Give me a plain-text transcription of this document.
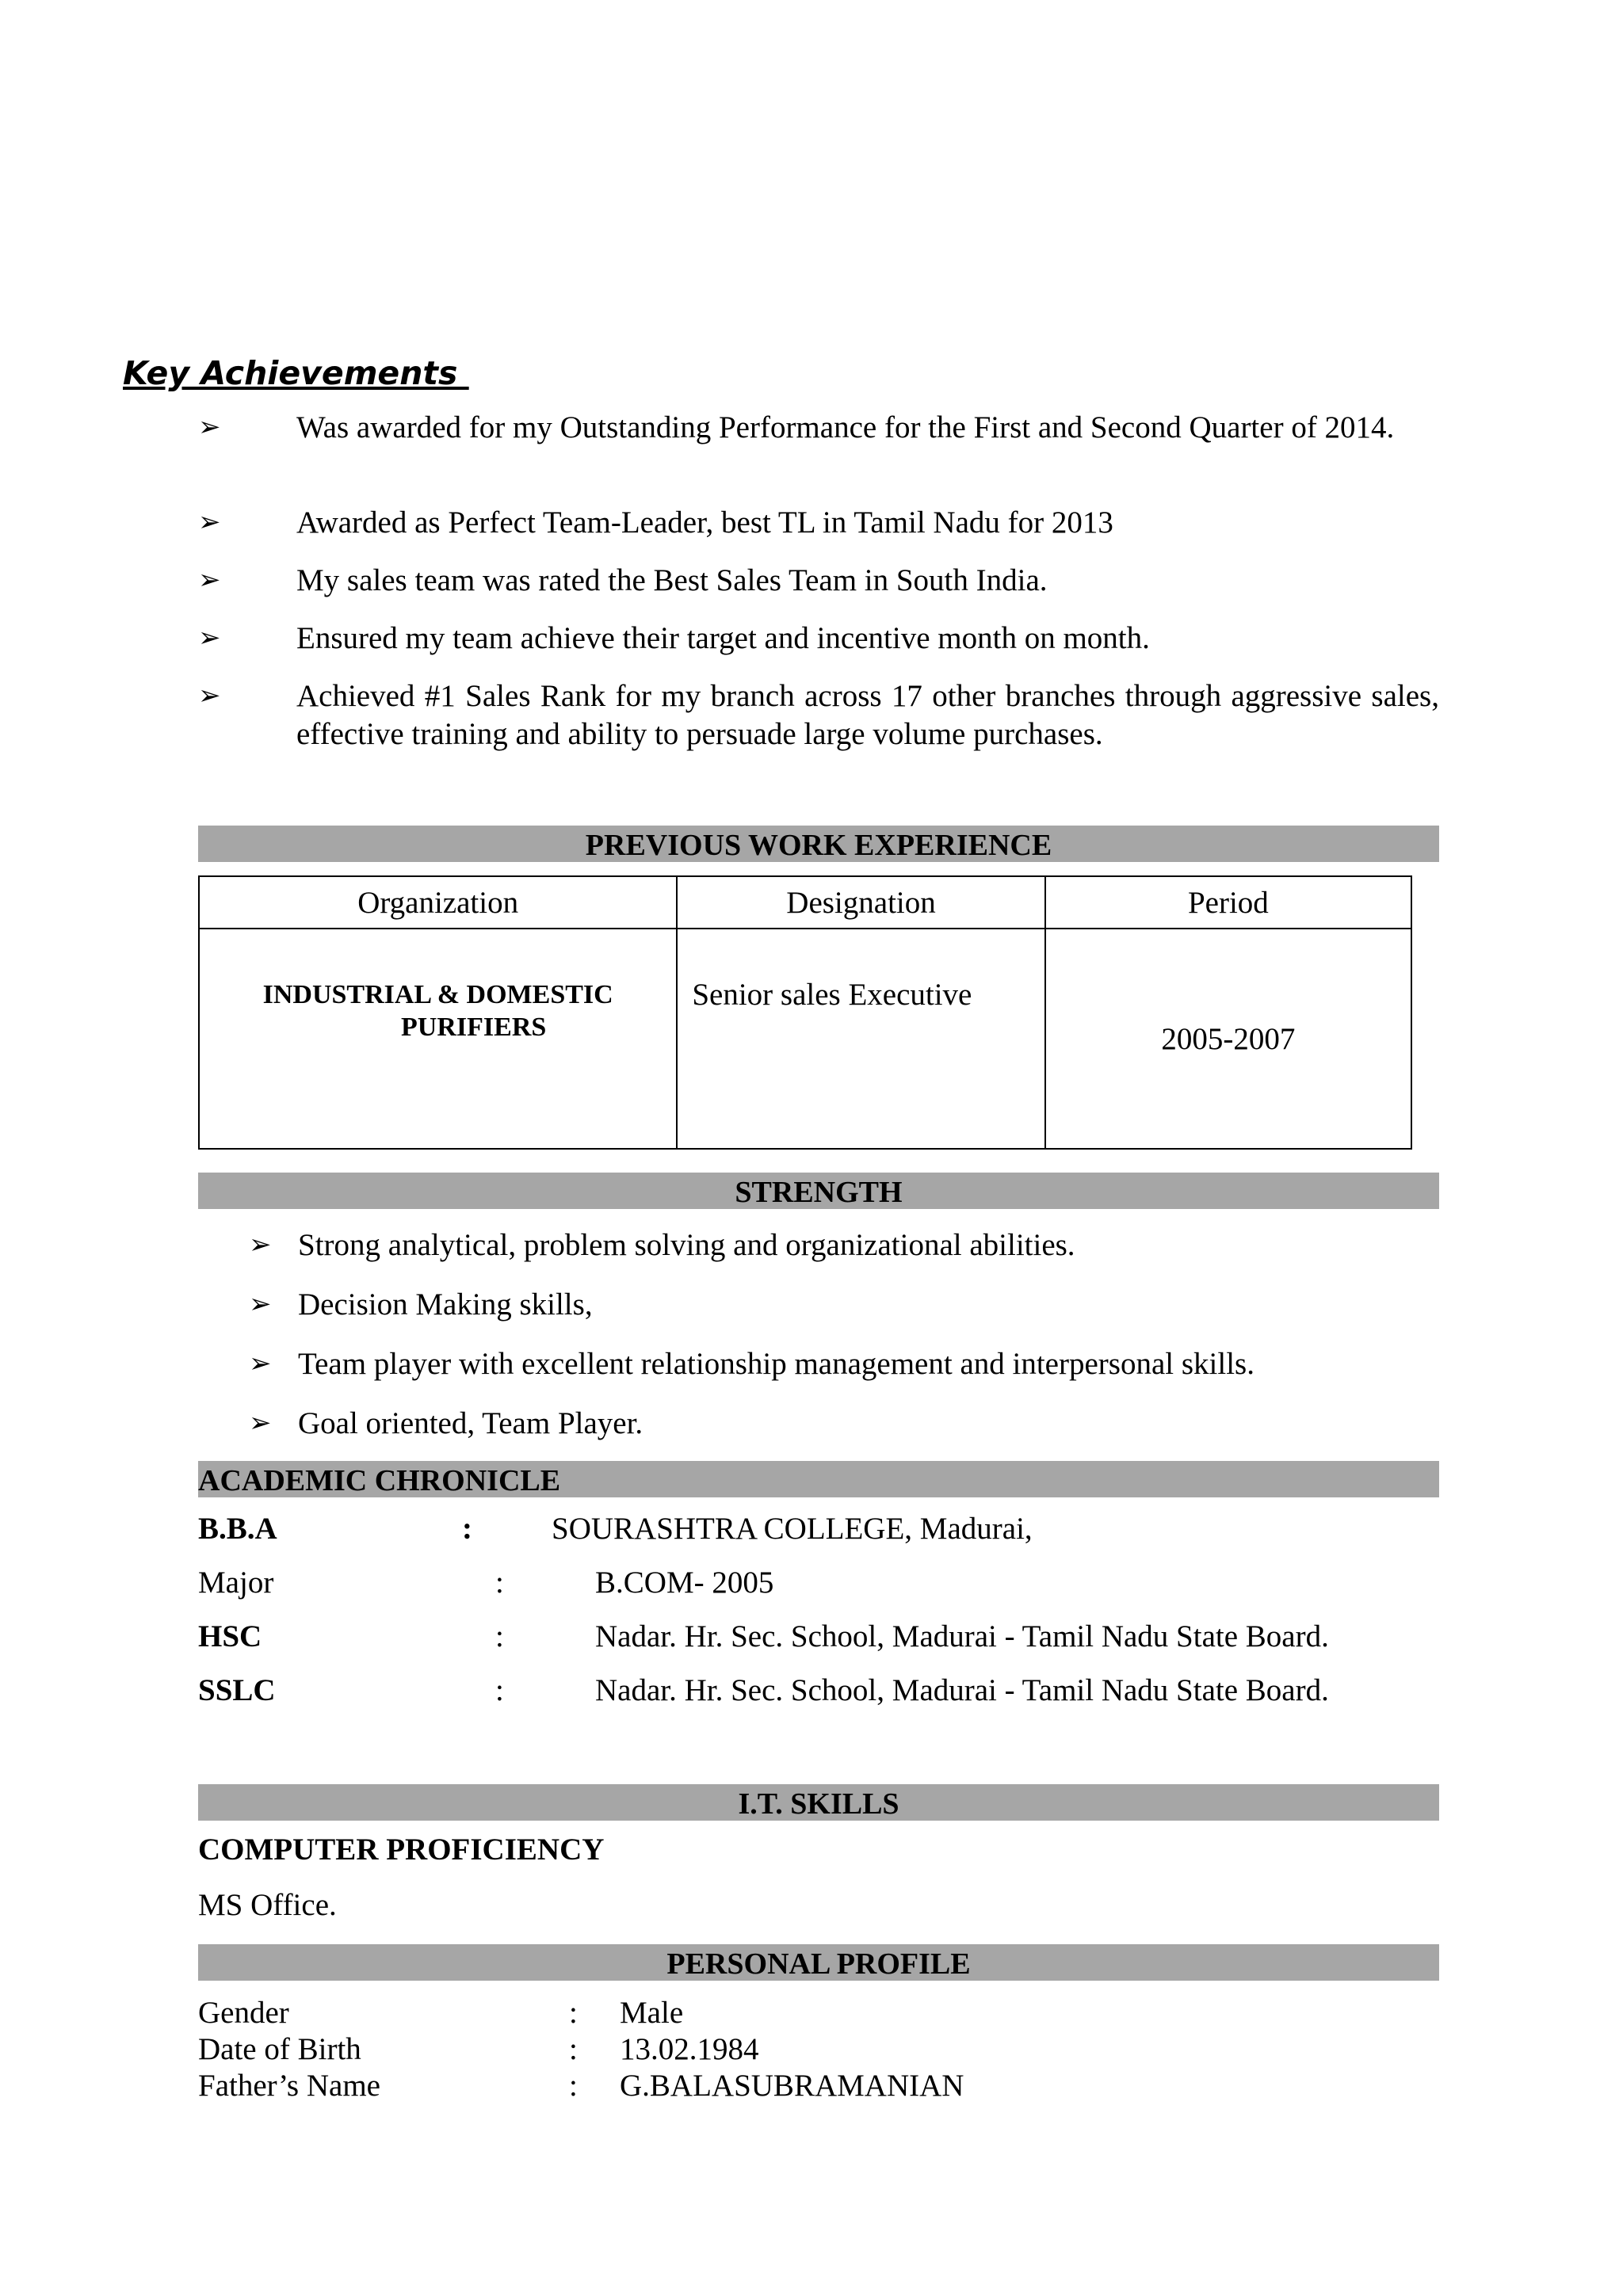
Key Achievements
➢ Was awarded for my Outstanding Performance for the First and Second Quarter of 2014.
➢ Awarded as Perfect Team-Leader, best TL in Tamil Nadu for 2013
➢ My sales team was rated the Best Sales Team in South India.
➢ Ensured my team achieve their target and incentive month on month.
➢ Achieved #1 Sales Rank for my branch across 17 other branches through aggressive sales, effective training and ability to persuade large volume purchases.
PREVIOUS WORK EXPERIENCE
Organization	Designation	Period

INDUSTRIAL & DOMESTIC
PURIFIERS	Senior sales Executive	2005-2007
STRENGTH
➢ Strong analytical, problem solving and organizational abilities.
➢ Decision Making skills,
➢ Team player with excellent relationship management and interpersonal skills.
➢ Goal oriented, Team Player.
ACADEMIC CHRONICLE
B.B.A	:	SOURASHTRA COLLEGE, Madurai,
Major	:	B.COM- 2005
HSC	:	Nadar. Hr. Sec. School, Madurai - Tamil Nadu State Board.
SSLC	:	Nadar. Hr. Sec. School, Madurai - Tamil Nadu State Board.
I.T. SKILLS
COMPUTER PROFICIENCY
MS Office.
PERSONAL PROFILE
Gender	: Male
Date of Birth	: 13.02.1984
Father’s Name	: G.BALASUBRAMANIAN
